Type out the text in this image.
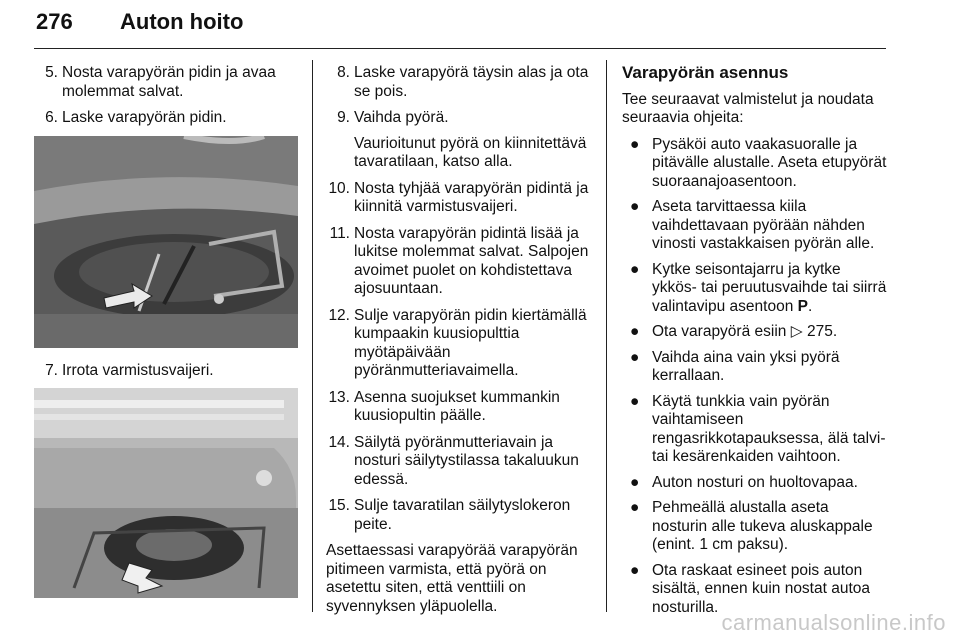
276 Auton hoito
5. Nosta varapyörän pidin ja avaa molemmat salvat.
6. Laske varapyörän pidin.
7. Irrota varmistusvaijeri.
8. Laske varapyörä täysin alas ja ota se pois.
9. Vaihda pyörä.
Vaurioitunut pyörä on kiinnitettävä tavaratilaan, katso alla.
10. Nosta tyhjää varapyörän pidintä ja kiinnitä varmistusvaijeri.
11. Nosta varapyörän pidintä lisää ja lukitse molemmat salvat. Salpojen avoimet puolet on kohdistettava ajosuuntaan.
12. Sulje varapyörän pidin kiertämällä kumpaakin kuusiopulttia myötäpäivään pyöränmutteriavaimella.
13. Asenna suojukset kummankin kuusiopultin päälle.
14. Säilytä pyöränmutteriavain ja nosturi säilytystilassa takaluukun edessä.
15. Sulje tavaratilan säilytyslokeron peite.

Asettaessasi varapyörää varapyörän pitimeen varmista, että pyörä on asetettu siten, että venttiili on syvennyksen yläpuolella.

Varapyörän asennus

Tee seuraavat valmistelut ja noudata seuraavia ohjeita:

● Pysäköi auto vaakasuoralle ja pitävälle alustalle. Aseta etupyörät suoraanajoasentoon.
● Aseta tarvittaessa kiila vaihdettavaan pyörään nähden vinosti vastakkaisen pyörän alle.
● Kytke seisontajarru ja kytke ykkös- tai peruutusvaihde tai siirrä valintavipu asentoon P.
● Ota varapyörä esiin ▷ 275.
● Vaihda aina vain yksi pyörä kerrallaan.
● Käytä tunkkia vain pyörän vaihtamiseen rengasrikkotapauksessa, älä talvi- tai kesärenkaiden vaihtoon.
● Auton nosturi on huoltovapaa.
● Pehmeällä alustalla aseta nosturin alle tukeva aluskappale (enint. 1 cm paksu).
● Ota raskaat esineet pois auton sisältä, ennen kuin nostat autoa nosturilla.
carmanualsonline.info
